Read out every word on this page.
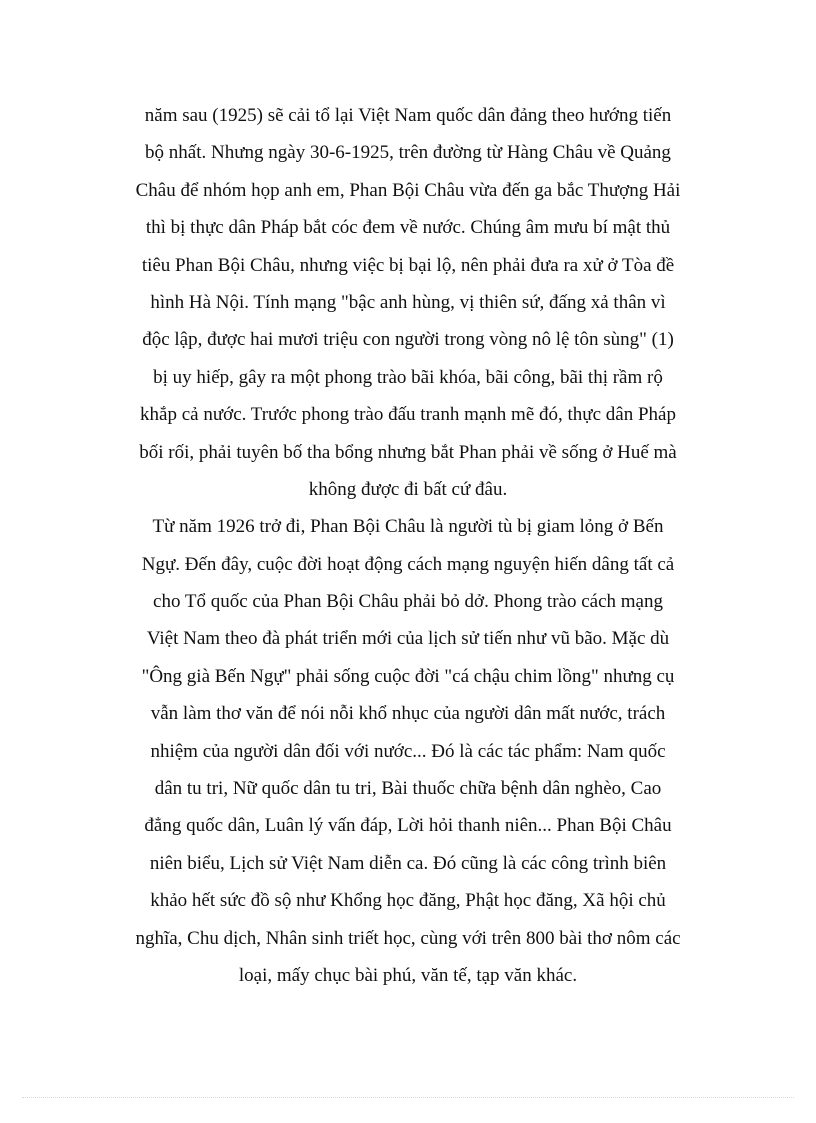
năm sau (1925) sẽ cải tổ lại Việt Nam quốc dân đảng theo hướng tiến
bộ nhất. Nhưng ngày 30-6-1925, trên đường từ Hàng Châu về Quảng
Châu để nhóm họp anh em, Phan Bội Châu vừa đến ga bắc Thượng Hải
thì bị thực dân Pháp bắt cóc đem về nước. Chúng âm mưu bí mật thủ
tiêu Phan Bội Châu, nhưng việc bị bại lộ, nên phải đưa ra xử ở Tòa đề
hình Hà Nội. Tính mạng "bậc anh hùng, vị thiên sứ, đấng xả thân vì
độc lập, được hai mươi triệu con người trong vòng nô lệ tôn sùng" (1)
bị uy hiếp, gây ra một phong trào bãi khóa, bãi công, bãi thị rầm rộ
khắp cả nước. Trước phong trào đấu tranh mạnh mẽ đó, thực dân Pháp
bối rối, phải tuyên bố tha bổng nhưng bắt Phan phải về sống ở Huế mà
không được đi bất cứ đâu.
Từ năm 1926 trở đi, Phan Bội Châu là người tù bị giam lỏng ở Bến
Ngự. Đến đây, cuộc đời hoạt động cách mạng nguyện hiến dâng tất cả
cho Tổ quốc của Phan Bội Châu phải bỏ dở. Phong trào cách mạng
Việt Nam theo đà phát triển mới của lịch sử tiến như vũ bão. Mặc dù
"Ông già Bến Ngự" phải sống cuộc đời "cá chậu chim lồng" nhưng cụ
vẫn làm thơ văn để nói nỗi khổ nhục của người dân mất nước, trách
nhiệm của người dân đối với nước... Đó là các tác phẩm: Nam quốc
dân tu tri, Nữ quốc dân tu tri, Bài thuốc chữa bệnh dân nghèo, Cao
đẳng quốc dân, Luân lý vấn đáp, Lời hỏi thanh niên... Phan Bội Châu
niên biểu, Lịch sử Việt Nam diễn ca. Đó cũng là các công trình biên
khảo hết sức đồ sộ như Khổng học đăng, Phật học đăng, Xã hội chủ
nghĩa, Chu dịch, Nhân sinh triết học, cùng với trên 800 bài thơ nôm các
loại, mấy chục bài phú, văn tế, tạp văn khác.
